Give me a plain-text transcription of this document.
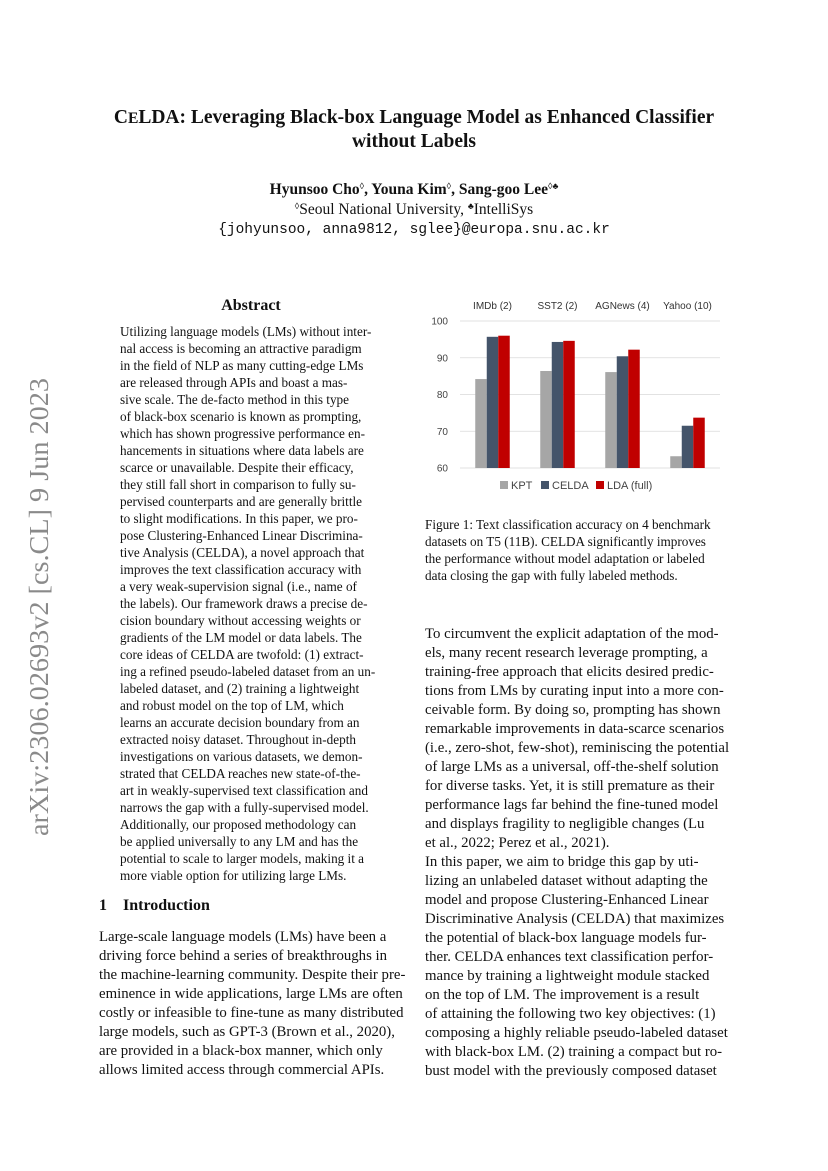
arXiv:2306.02693v2 [cs.CL] 9 Jun 2023
CELDA: Leveraging Black-box Language Model as Enhanced Classifier
without Labels
Hyunsoo Cho◊, Youna Kim◊, Sang-goo Lee◊♣
◊Seoul National University, ♣IntelliSys
{johyunsoo, anna9812, sglee}@europa.snu.ac.kr
Abstract
Utilizing language models (LMs) without inter-
nal access is becoming an attractive paradigm
in the field of NLP as many cutting-edge LMs
are released through APIs and boast a mas-
sive scale. The de-facto method in this type
of black-box scenario is known as prompting,
which has shown progressive performance en-
hancements in situations where data labels are
scarce or unavailable. Despite their efficacy,
they still fall short in comparison to fully su-
pervised counterparts and are generally brittle
to slight modifications. In this paper, we pro-
pose Clustering-Enhanced Linear Discrimina-
tive Analysis (CELDA), a novel approach that
improves the text classification accuracy with
a very weak-supervision signal (i.e., name of
the labels). Our framework draws a precise de-
cision boundary without accessing weights or
gradients of the LM model or data labels. The
core ideas of CELDA are twofold: (1) extract-
ing a refined pseudo-labeled dataset from an un-
labeled dataset, and (2) training a lightweight
and robust model on the top of LM, which
learns an accurate decision boundary from an
extracted noisy dataset. Throughout in-depth
investigations on various datasets, we demon-
strated that CELDA reaches new state-of-the-
art in weakly-supervised text classification and
narrows the gap with a fully-supervised model.
Additionally, our proposed methodology can
be applied universally to any LM and has the
potential to scale to larger models, making it a
more viable option for utilizing large LMs.
1 Introduction
Large-scale language models (LMs) have been a
driving force behind a series of breakthroughs in
the machine-learning community. Despite their pre-
eminence in wide applications, large LMs are often
costly or infeasible to fine-tune as many distributed
large models, such as GPT-3 (Brown et al., 2020),
are provided in a black-box manner, which only
allows limited access through commercial APIs.
60
70
80
90
100
IMDb (2)	SST2 (2) AGNews (4) Yahoo (10)
KPT CELDA LDA (full)
Figure 1: Text classification accuracy on 4 benchmark
datasets on T5 (11B). CELDA significantly improves
the performance without model adaptation or labeled
data closing the gap with fully labeled methods.
To circumvent the explicit adaptation of the mod-
els, many recent research leverage prompting, a
training-free approach that elicits desired predic-
tions from LMs by curating input into a more con-
ceivable form. By doing so, prompting has shown
remarkable improvements in data-scarce scenarios
(i.e., zero-shot, few-shot), reminiscing the potential
of large LMs as a universal, off-the-shelf solution
for diverse tasks. Yet, it is still premature as their
performance lags far behind the fine-tuned model
and displays fragility to negligible changes (Lu
et al., 2022; Perez et al., 2021).
In this paper, we aim to bridge this gap by uti-
lizing an unlabeled dataset without adapting the
model and propose Clustering-Enhanced Linear
Discriminative Analysis (CELDA) that maximizes
the potential of black-box language models fur-
ther. CELDA enhances text classification perfor-
mance by training a lightweight module stacked
on the top of LM. The improvement is a result
of attaining the following two key objectives: (1)
composing a highly reliable pseudo-labeled dataset
with black-box LM. (2) training a compact but ro-
bust model with the previously composed dataset
